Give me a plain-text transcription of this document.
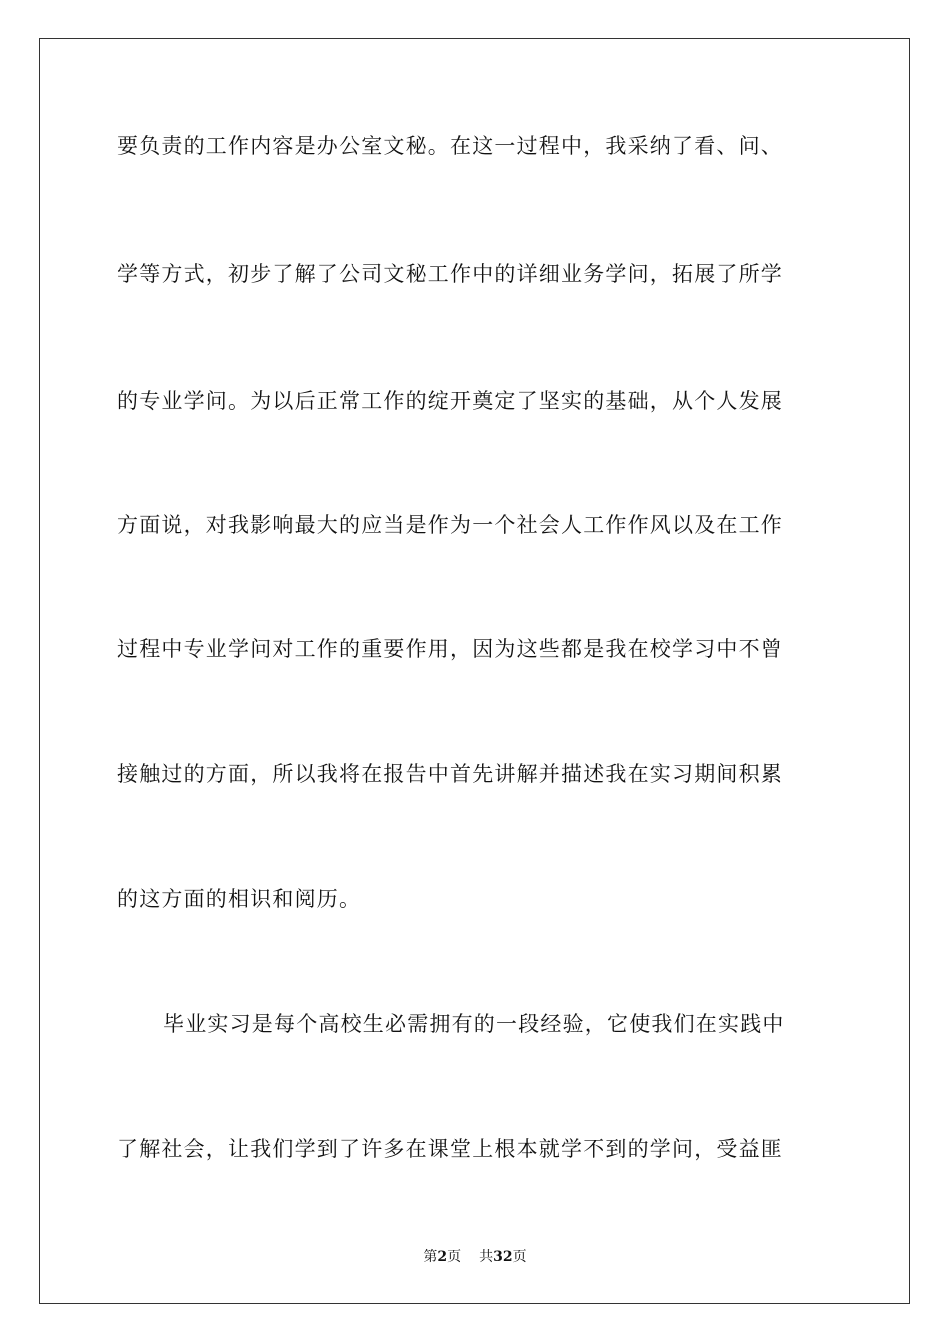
要负责的工作内容是办公室文秘。在这一过程中，我采纳了看、问、
学等方式，初步了解了公司文秘工作中的详细业务学问，拓展了所学
的专业学问。为以后正常工作的绽开奠定了坚实的基础，从个人发展
方面说，对我影响最大的应当是作为一个社会人工作作风以及在工作
过程中专业学问对工作的重要作用，因为这些都是我在校学习中不曾
接触过的方面，所以我将在报告中首先讲解并描述我在实习期间积累
的这方面的相识和阅历。
毕业实习是每个高校生必需拥有的一段经验，它使我们在实践中
了解社会，让我们学到了许多在课堂上根本就学不到的学问，受益匪
第2页 共32页
